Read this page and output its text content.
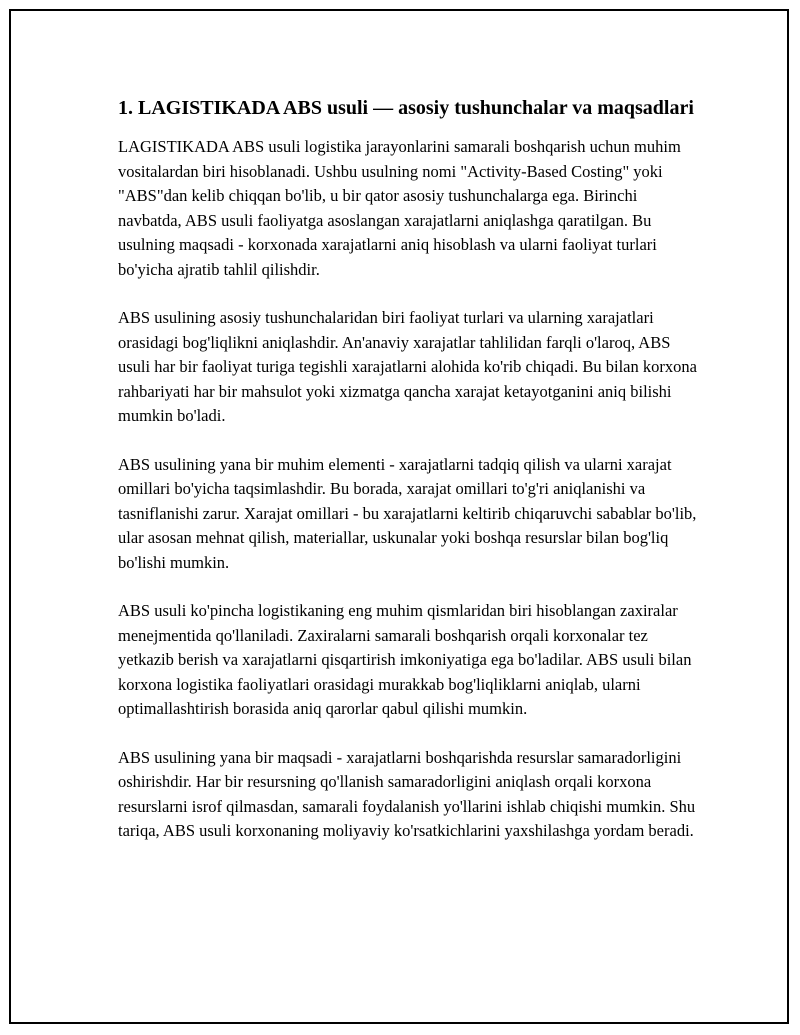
1. LAGISTIKADA ABS usuli — asosiy tushunchalar va maqsadlari

LAGISTIKADA ABS usuli logistika jarayonlarini samarali boshqarish uchun muhim vositalardan biri hisoblanadi. Ushbu usulning nomi "Activity-Based Costing" yoki "ABS"dan kelib chiqqan bo'lib, u bir qator asosiy tushunchalarga ega. Birinchi navbatda, ABS usuli faoliyatga asoslangan xarajatlarni aniqlashga qaratilgan. Bu usulning maqsadi - korxonada xarajatlarni aniq hisoblash va ularni faoliyat turlari bo'yicha ajratib tahlil qilishdir.

ABS usulining asosiy tushunchalaridan biri faoliyat turlari va ularning xarajatlari orasidagi bog'liqlikni aniqlashdir. An'anaviy xarajatlar tahlilidan farqli o'laroq, ABS usuli har bir faoliyat turiga tegishli xarajatlarni alohida ko'rib chiqadi. Bu bilan korxona rahbariyati har bir mahsulot yoki xizmatga qancha xarajat ketayotganini aniq bilishi mumkin bo'ladi.

ABS usulining yana bir muhim elementi - xarajatlarni tadqiq qilish va ularni xarajat omillari bo'yicha taqsimlashdir. Bu borada, xarajat omillari to'g'ri aniqlanishi va tasniflanishi zarur. Xarajat omillari - bu xarajatlarni keltirib chiqaruvchi sabablar bo'lib, ular asosan mehnat qilish, materiallar, uskunalar yoki boshqa resurslar bilan bog'liq bo'lishi mumkin.

ABS usuli ko'pincha logistikaning eng muhim qismlaridan biri hisoblangan zaxiralar menejmentida qo'llaniladi. Zaxiralarni samarali boshqarish orqali korxonalar tez yetkazib berish va xarajatlarni qisqartirish imkoniyatiga ega bo'ladilar. ABS usuli bilan korxona logistika faoliyatlari orasidagi murakkab bog'liqliklarni aniqlab, ularni optimallashtirish borasida aniq qarorlar qabul qilishi mumkin.

ABS usulining yana bir maqsadi - xarajatlarni boshqarishda resurslar samaradorligini oshirishdir. Har bir resursning qo'llanish samaradorligini aniqlash orqali korxona resurslarni isrof qilmasdan, samarali foydalanish yo'llarini ishlab chiqishi mumkin. Shu tariqa, ABS usuli korxonaning moliyaviy ko'rsatkichlarini yaxshilashga yordam beradi.
